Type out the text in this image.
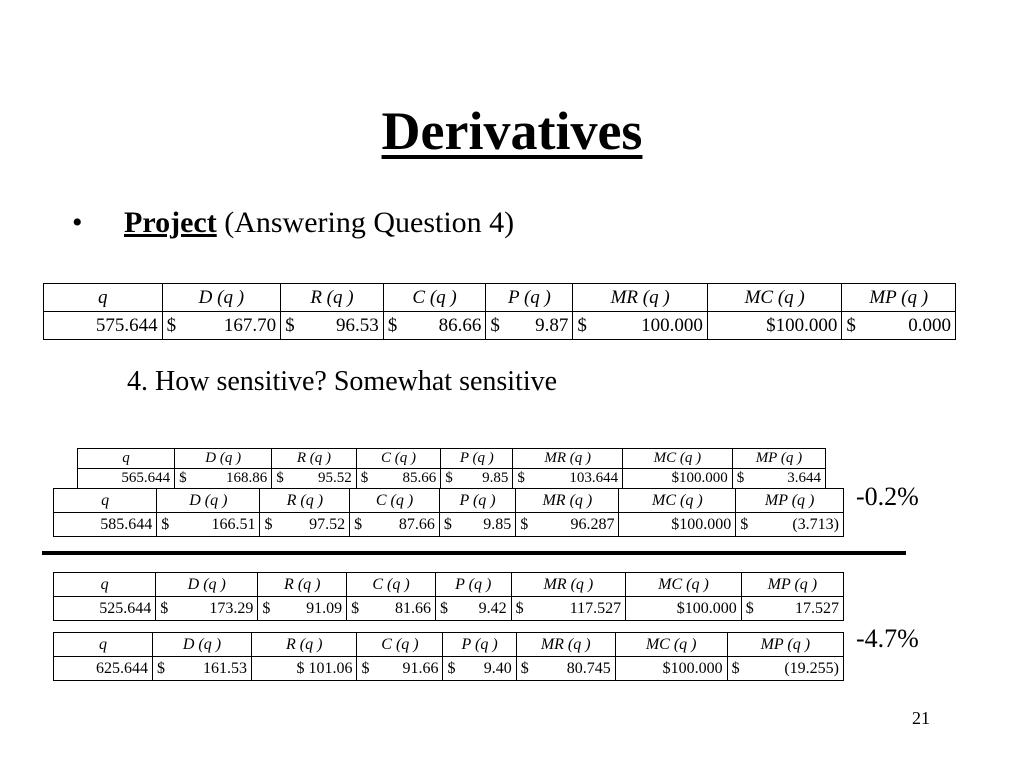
Derivatives
• Project (Answering Question 4)
q	D (q )	R (q )	C (q )	P (q )	MR (q )	MC (q )	MP (q )
575.644	$ 167.70	$ 96.53	$ 86.66	$ 9.87	$ 100.000	$100.000	$ 0.000
4. How sensitive? Somewhat sensitive
q	D (q )	R (q )	C (q )	P (q )	MR (q )	MC (q )	MP (q )
565.644	$ 168.86	$ 95.52	$ 85.66	$ 9.85	$ 103.644	$100.000	$ 3.644
q	D (q )	R (q )	C (q )	P (q )	MR (q )	MC (q )	MP (q )
585.644	$ 166.51	$ 97.52	$ 87.66	$ 9.85	$ 96.287	$100.000	$ (3.713)
-0.2%
q	D (q )	R (q )	C (q )	P (q )	MR (q )	MC (q )	MP (q )
525.644	$ 173.29	$ 91.09	$ 81.66	$ 9.42	$ 117.527	$100.000	$ 17.527
q	D (q )	R (q )	C (q )	P (q )	MR (q )	MC (q )	MP (q )
625.644	$ 161.53	$ 101.06	$ 91.66	$ 9.40	$ 80.745	$100.000	$ (19.255)
-4.7%
21
